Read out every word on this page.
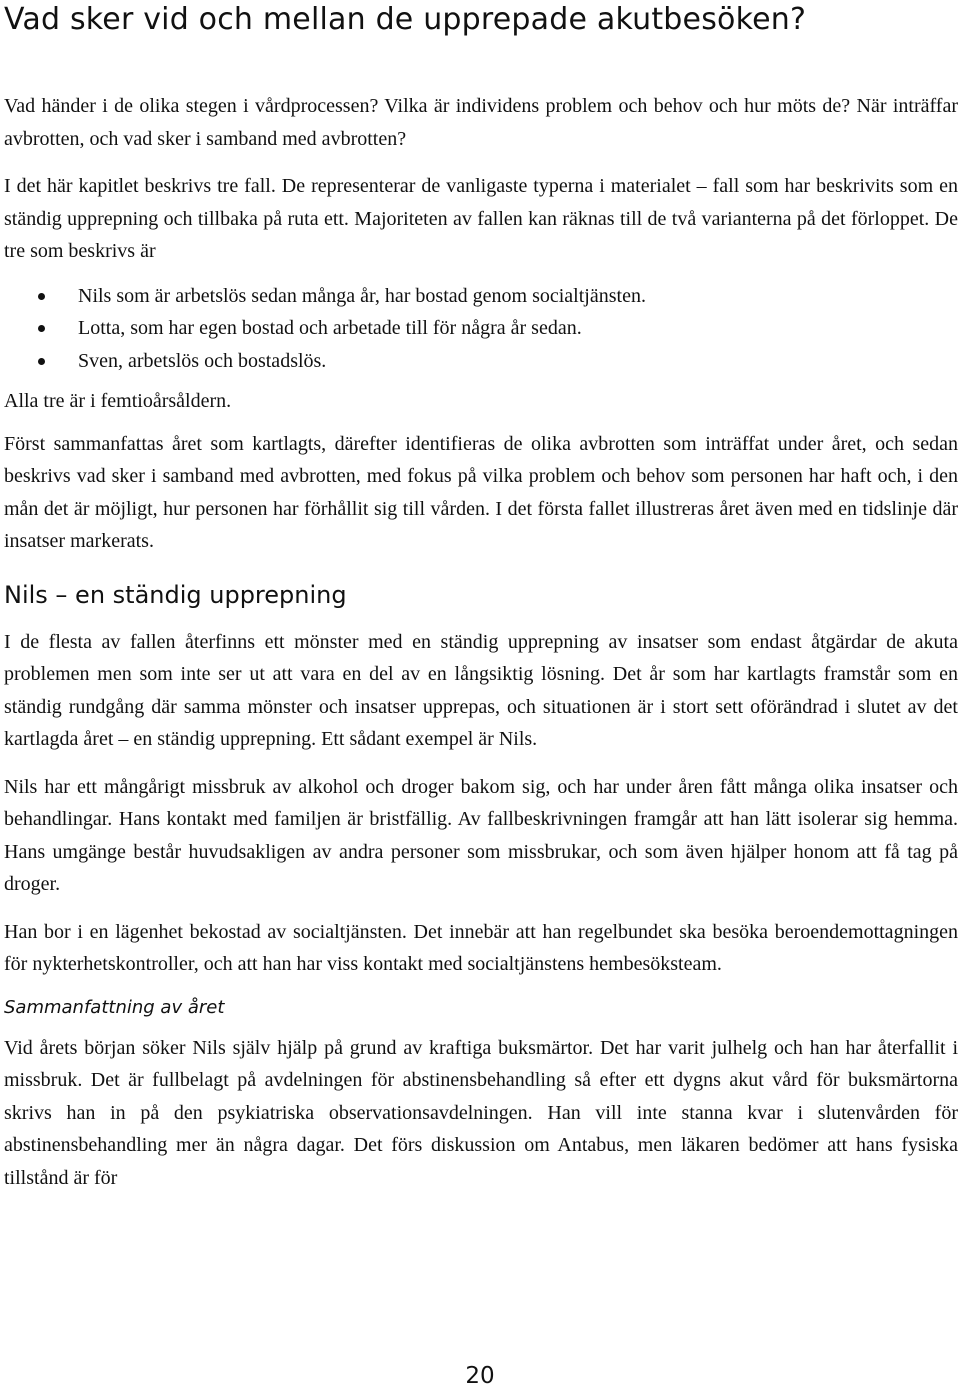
Vad sker vid och mellan de upprepade akutbesöken?

Vad händer i de olika stegen i vårdprocessen? Vilka är individens problem och behov och hur möts de? När inträffar avbrotten, och vad sker i samband med avbrotten?

I det här kapitlet beskrivs tre fall. De representerar de vanligaste typerna i materialet – fall som har beskrivits som en ständig upprepning och tillbaka på ruta ett. Majoriteten av fallen kan räknas till de två varianterna på det förloppet. De tre som beskrivs är

Nils som är arbetslös sedan många år, har bostad genom socialtjänsten.
Lotta, som har egen bostad och arbetade till för några år sedan.
Sven, arbetslös och bostadslös.

Alla tre är i femtioårsåldern.

Först sammanfattas året som kartlagts, därefter identifieras de olika avbrotten som inträffat under året, och sedan beskrivs vad sker i samband med avbrotten, med fokus på vilka problem och behov som personen har haft och, i den mån det är möjligt, hur personen har förhållit sig till vården. I det första fallet illustreras året även med en tidslinje där insatser markerats.

Nils – en ständig upprepning

I de flesta av fallen återfinns ett mönster med en ständig upprepning av insatser som endast åtgärdar de akuta problemen men som inte ser ut att vara en del av en långsiktig lösning. Det år som har kartlagts framstår som en ständig rundgång där samma mönster och insatser upprepas, och situationen är i stort sett oförändrad i slutet av det kartlagda året – en ständig upprepning. Ett sådant exempel är Nils.

Nils har ett mångårigt missbruk av alkohol och droger bakom sig, och har under åren fått många olika insatser och behandlingar. Hans kontakt med familjen är bristfällig. Av fallbeskrivningen framgår att han lätt isolerar sig hemma. Hans umgänge består huvudsakligen av andra personer som missbrukar, och som även hjälper honom att få tag på droger.

Han bor i en lägenhet bekostad av socialtjänsten. Det innebär att han regelbundet ska besöka beroendemottagningen för nykterhetskontroller, och att han har viss kontakt med socialtjänstens hembesöksteam.

Sammanfattning av året

Vid årets början söker Nils själv hjälp på grund av kraftiga buksmärtor. Det har varit julhelg och han har återfallit i missbruk. Det är fullbelagt på avdelningen för abstinensbehandling så efter ett dygns akut vård för buksmärtorna skrivs han in på den psykiatriska observationsavdelningen. Han vill inte stanna kvar i slutenvården för abstinensbehandling mer än några dagar. Det förs diskussion om Antabus, men läkaren bedömer att hans fysiska tillstånd är för

20
